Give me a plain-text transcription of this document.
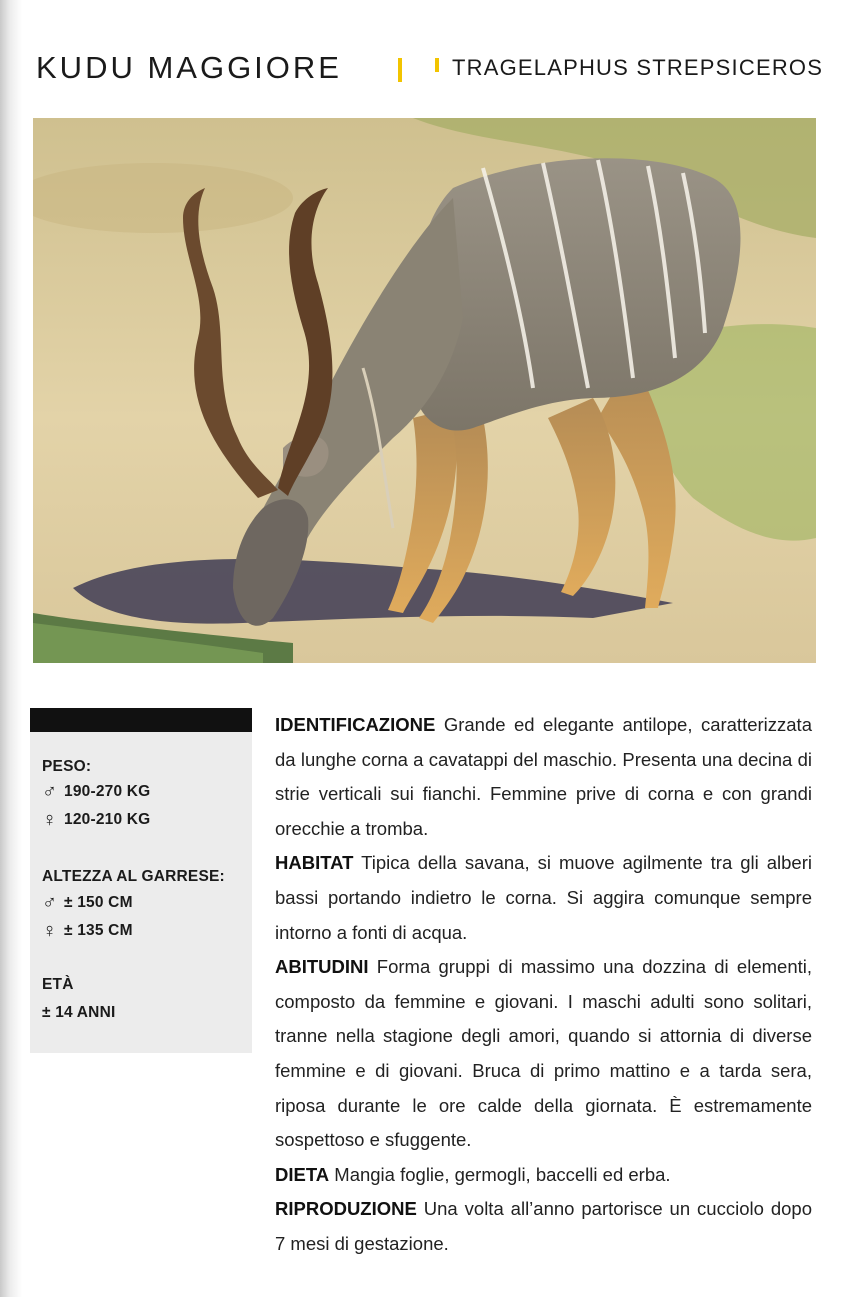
KUDU MAGGIORE	TRAGELAPHUS STREPSICEROS
PESO:
♂ 190-270 KG
♀ 120-210 KG
ALTEZZA AL GARRESE:
♂ ± 150 CM
♀ ± 135 CM
ETÀ
± 14 ANNI

IDENTIFICAZIONE Grande ed elegante antilope, caratterizzata da lunghe corna a cavatappi del maschio. Presenta una decina di strie verticali sui fianchi. Femmine prive di corna e con grandi orecchie a tromba.

HABITAT Tipica della savana, si muove agilmente tra gli alberi bassi portando indietro le corna. Si aggira comunque sempre intorno a fonti di acqua.

ABITUDINI Forma gruppi di massimo una dozzina di elementi, composto da femmine e giovani. I maschi adulti sono solitari, tranne nella stagione degli amori, quando si attornia di diverse femmine e di giovani. Bruca di primo mattino e a tarda sera, riposa durante le ore calde della giornata. È estremamente sospettoso e sfuggente.

DIETA Mangia foglie, germogli, baccelli ed erba.

RIPRODUZIONE Una volta all’anno partorisce un cucciolo dopo 7 mesi di gestazione.
